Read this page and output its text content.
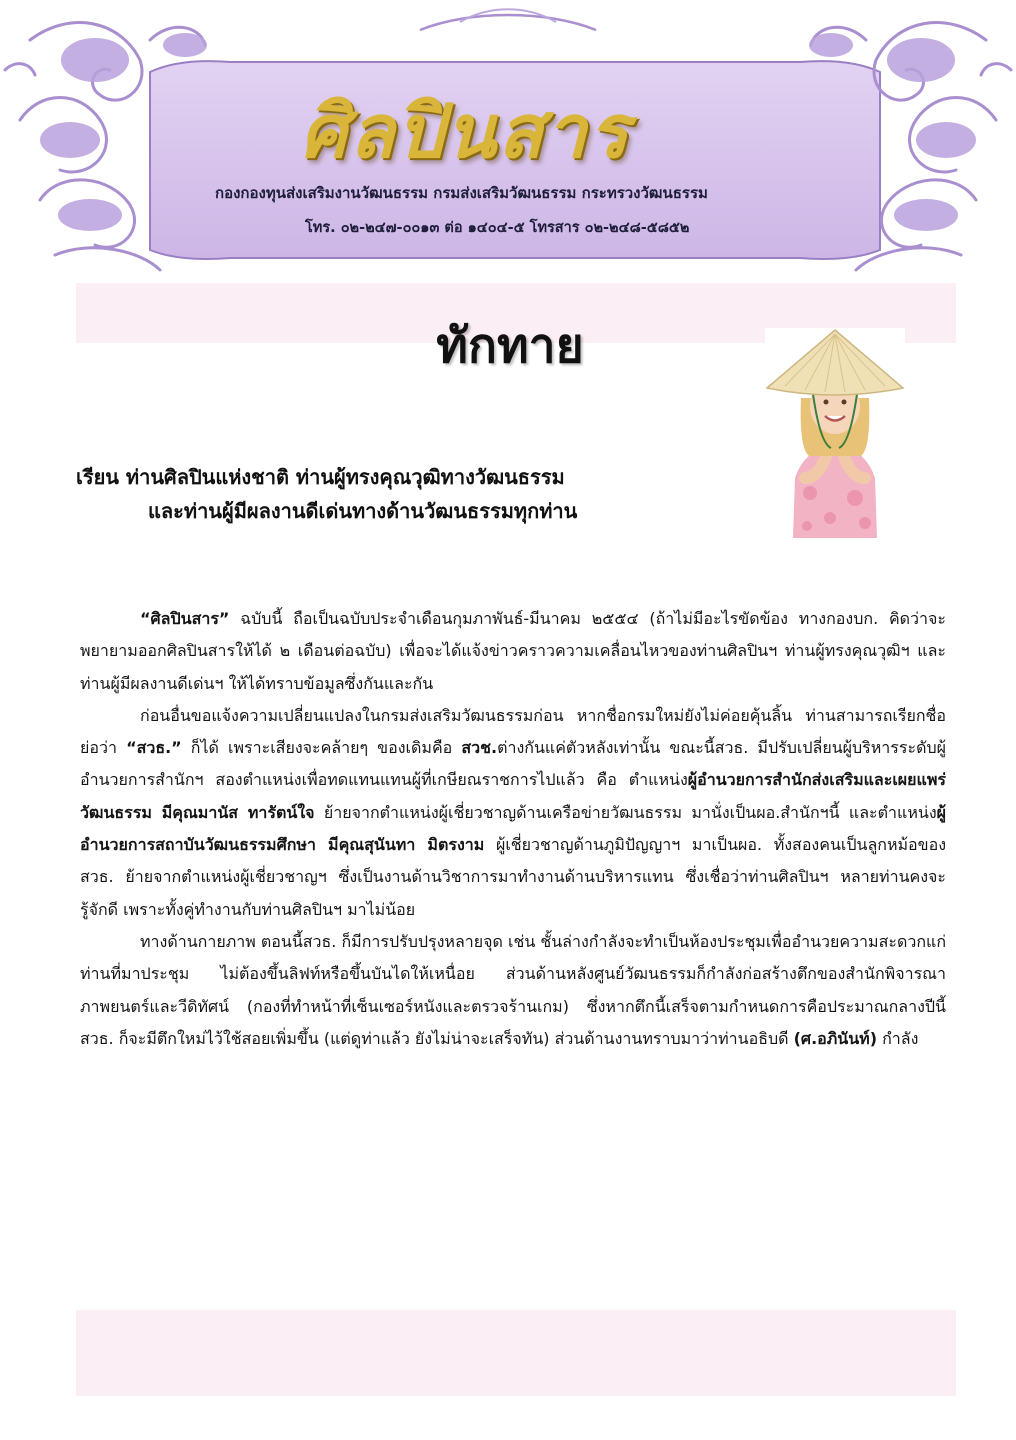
ศิลปินสาร
กองกองทุนส่งเสริมงานวัฒนธรรม กรมส่งเสริมวัฒนธรรม กระทรวงวัฒนธรรม
โทร. ๐๒-๒๔๗-๐๐๑๓ ต่อ ๑๔๐๔-๕ โทรสาร ๐๒-๒๔๘-๕๘๕๒
ทักทาย
เรียน ท่านศิลปินแห่งชาติ ท่านผู้ทรงคุณวุฒิทางวัฒนธรรม
และท่านผู้มีผลงานดีเด่นทางด้านวัฒนธรรมทุกท่าน

“ศิลปินสาร” ฉบับนี้ ถือเป็นฉบับประจำเดือนกุมภาพันธ์-มีนาคม ๒๕๕๔ (ถ้าไม่มีอะไรขัดข้อง ทางกองบก. คิดว่าจะพยายามออกศิลปินสารให้ได้ ๒ เดือนต่อฉบับ) เพื่อจะได้แจ้งข่าวคราวความเคลื่อนไหวของท่านศิลปินฯ ท่านผู้ทรงคุณวุฒิฯ และท่านผู้มีผลงานดีเด่นฯ ให้ได้ทราบข้อมูลซึ่งกันและกัน

ก่อนอื่นขอแจ้งความเปลี่ยนแปลงในกรมส่งเสริมวัฒนธรรมก่อน หากชื่อกรมใหม่ยังไม่ค่อยคุ้นลิ้น ท่านสามารถเรียกชื่อย่อว่า “สวธ.” ก็ได้ เพราะเสียงจะคล้ายๆ ของเดิมคือ สวช.ต่างกันแค่ตัวหลังเท่านั้น ขณะนี้สวธ. มีปรับเปลี่ยนผู้บริหารระดับผู้อำนวยการสำนักฯ สองตำแหน่งเพื่อทดแทนแทนผู้ที่เกษียณราชการไปแล้ว คือ ตำแหน่งผู้อำนวยการสำนักส่งเสริมและเผยแพร่วัฒนธรรม มีคุณมานัส ทารัตน์ใจ ย้ายจากตำแหน่งผู้เชี่ยวชาญด้านเครือข่ายวัฒนธรรม มานั่งเป็นผอ.สำนักฯนี้ และตำแหน่งผู้อำนวยการสถาบันวัฒนธรรมศึกษา มีคุณสุนันทา มิตรงาม ผู้เชี่ยวชาญด้านภูมิปัญญาฯ มาเป็นผอ. ทั้งสองคนเป็นลูกหม้อของสวธ. ย้ายจากตำแหน่งผู้เชี่ยวชาญฯ ซึ่งเป็นงานด้านวิชาการมาทำงานด้านบริหารแทน ซึ่งเชื่อว่าท่านศิลปินฯ หลายท่านคงจะรู้จักดี เพราะทั้งคู่ทำงานกับท่านศิลปินฯ มาไม่น้อย

ทางด้านกายภาพ ตอนนี้สวธ. ก็มีการปรับปรุงหลายจุด เช่น ชั้นล่างกำลังจะทำเป็นห้องประชุมเพื่ออำนวยความสะดวกแก่ท่านที่มาประชุม ไม่ต้องขึ้นลิฟท์หรือขึ้นบันไดให้เหนื่อย ส่วนด้านหลังศูนย์วัฒนธรรมก็กำลังก่อสร้างตึกของสำนักพิจารณาภาพยนตร์และวีดิทัศน์ (กองที่ทำหน้าที่เซ็นเซอร์หนังและตรวจร้านเกม) ซึ่งหากตึกนี้เสร็จตามกำหนดการคือประมาณกลางปีนี้ สวธ. ก็จะมีตึกใหม่ไว้ใช้สอยเพิ่มขึ้น (แต่ดูท่าแล้ว ยังไม่น่าจะเสร็จทัน) ส่วนด้านงานทราบมาว่าท่านอธิบดี (ศ.อภินันท์) กำลัง
